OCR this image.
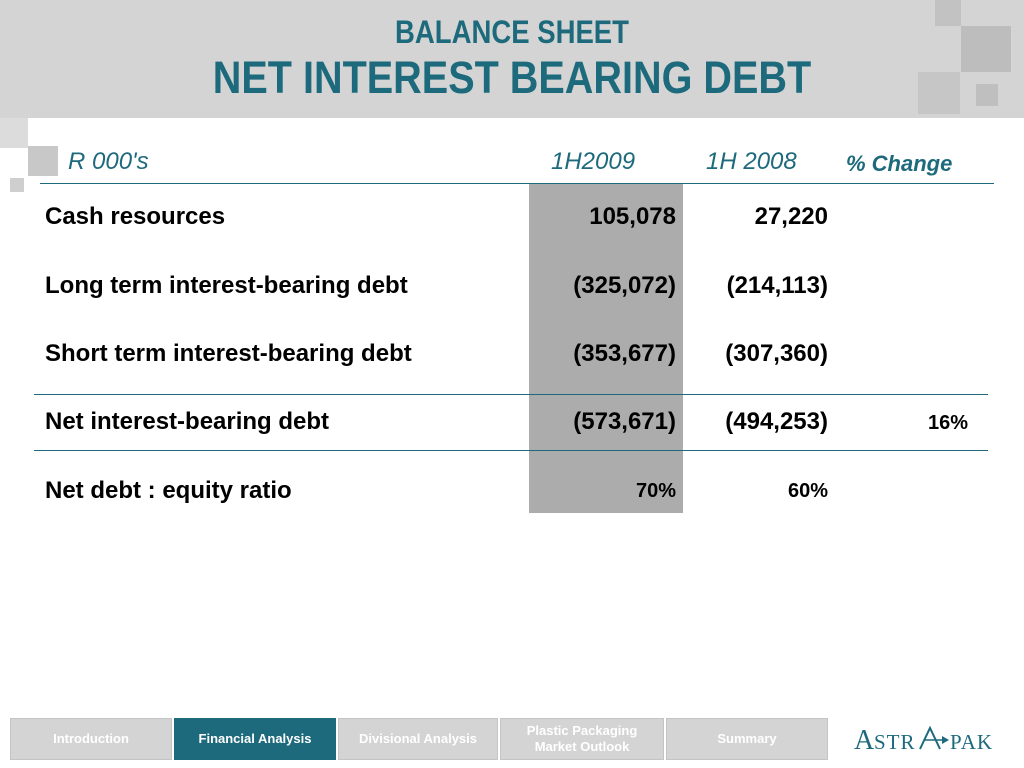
BALANCE SHEET
NET INTEREST BEARING DEBT
R 000's	1H2009	1H 2008 % Change
Cash resources	105,078	27,220
Long term interest-bearing debt	(325,072) (214,113)
Short term interest-bearing debt	(353,677) (307,360)
Net interest-bearing debt	(573,671) (494,253)	16%
Net debt : equity ratio	70%	60%
Introduction	Financial Analysis	Divisional Analysis
Plastic Packaging Market Outlook
Summary	A
STR PAK
